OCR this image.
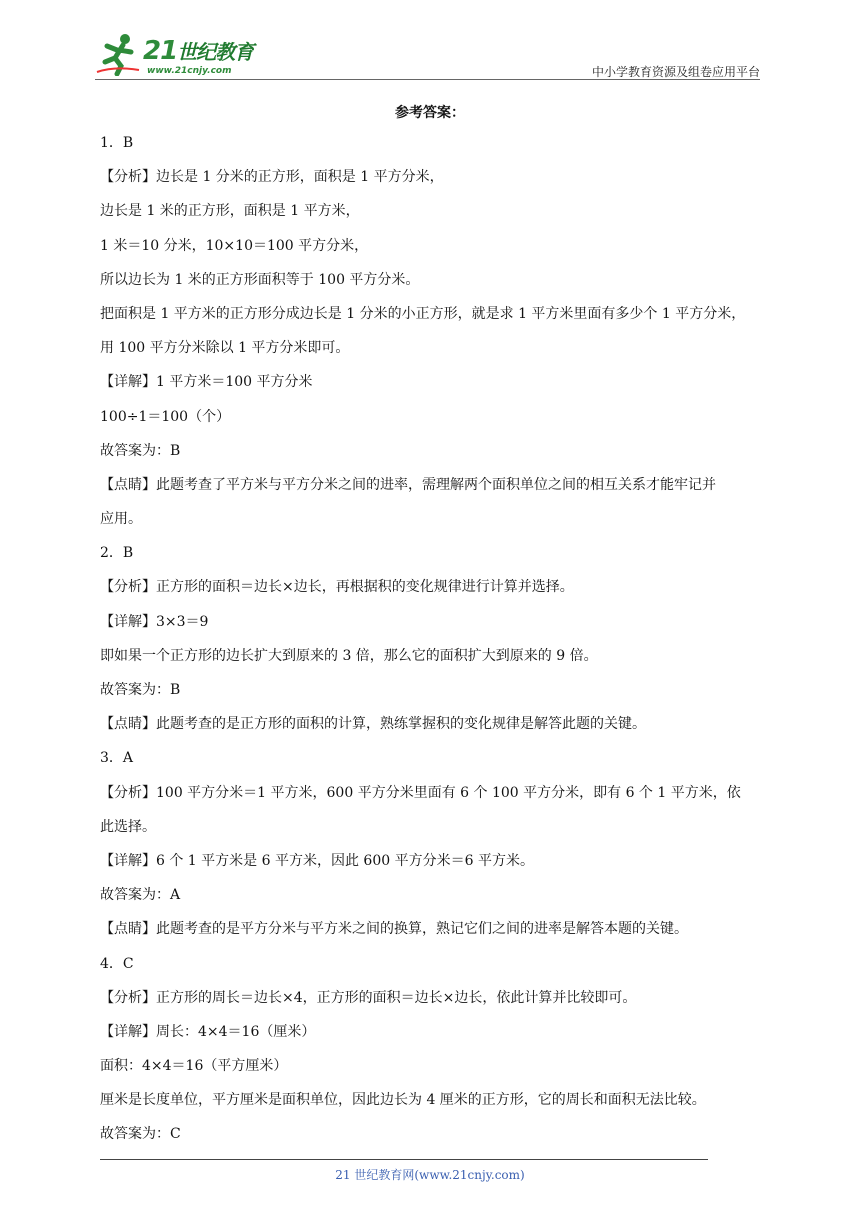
21世纪教育
www.21cnjy.com	中小学教育资源及组卷应用平台
参考答案：
1．B
【分析】边长是 1 分米的正方形，面积是 1 平方分米，
边长是 1 米的正方形，面积是 1 平方米，
1 米＝10 分米，10×10＝100 平方分米，
所以边长为 1 米的正方形面积等于 100 平方分米。
把面积是 1 平方米的正方形分成边长是 1 分米的小正方形，就是求 1 平方米里面有多少个 1 平方分米，
用 100 平方分米除以 1 平方分米即可。
【详解】1 平方米＝100 平方分米
100÷1＝100（个）
故答案为：B
【点睛】此题考查了平方米与平方分米之间的进率，需理解两个面积单位之间的相互关系才能牢记并
应用。
2．B
【分析】正方形的面积＝边长×边长，再根据积的变化规律进行计算并选择。
【详解】3×3＝9
即如果一个正方形的边长扩大到原来的 3 倍，那么它的面积扩大到原来的 9 倍。
故答案为：B
【点睛】此题考查的是正方形的面积的计算，熟练掌握积的变化规律是解答此题的关键。
3．A
【分析】100 平方分米＝1 平方米，600 平方分米里面有 6 个 100 平方分米，即有 6 个 1 平方米，依
此选择。
【详解】6 个 1 平方米是 6 平方米，因此 600 平方分米＝6 平方米。
故答案为：A
【点睛】此题考查的是平方分米与平方米之间的换算，熟记它们之间的进率是解答本题的关键。
4．C
【分析】正方形的周长＝边长×4，正方形的面积＝边长×边长，依此计算并比较即可。
【详解】周长：4×4＝16（厘米）
面积：4×4＝16（平方厘米）
厘米是长度单位，平方厘米是面积单位，因此边长为 4 厘米的正方形，它的周长和面积无法比较。
故答案为：C
21 世纪教育网(www.21cnjy.com)
